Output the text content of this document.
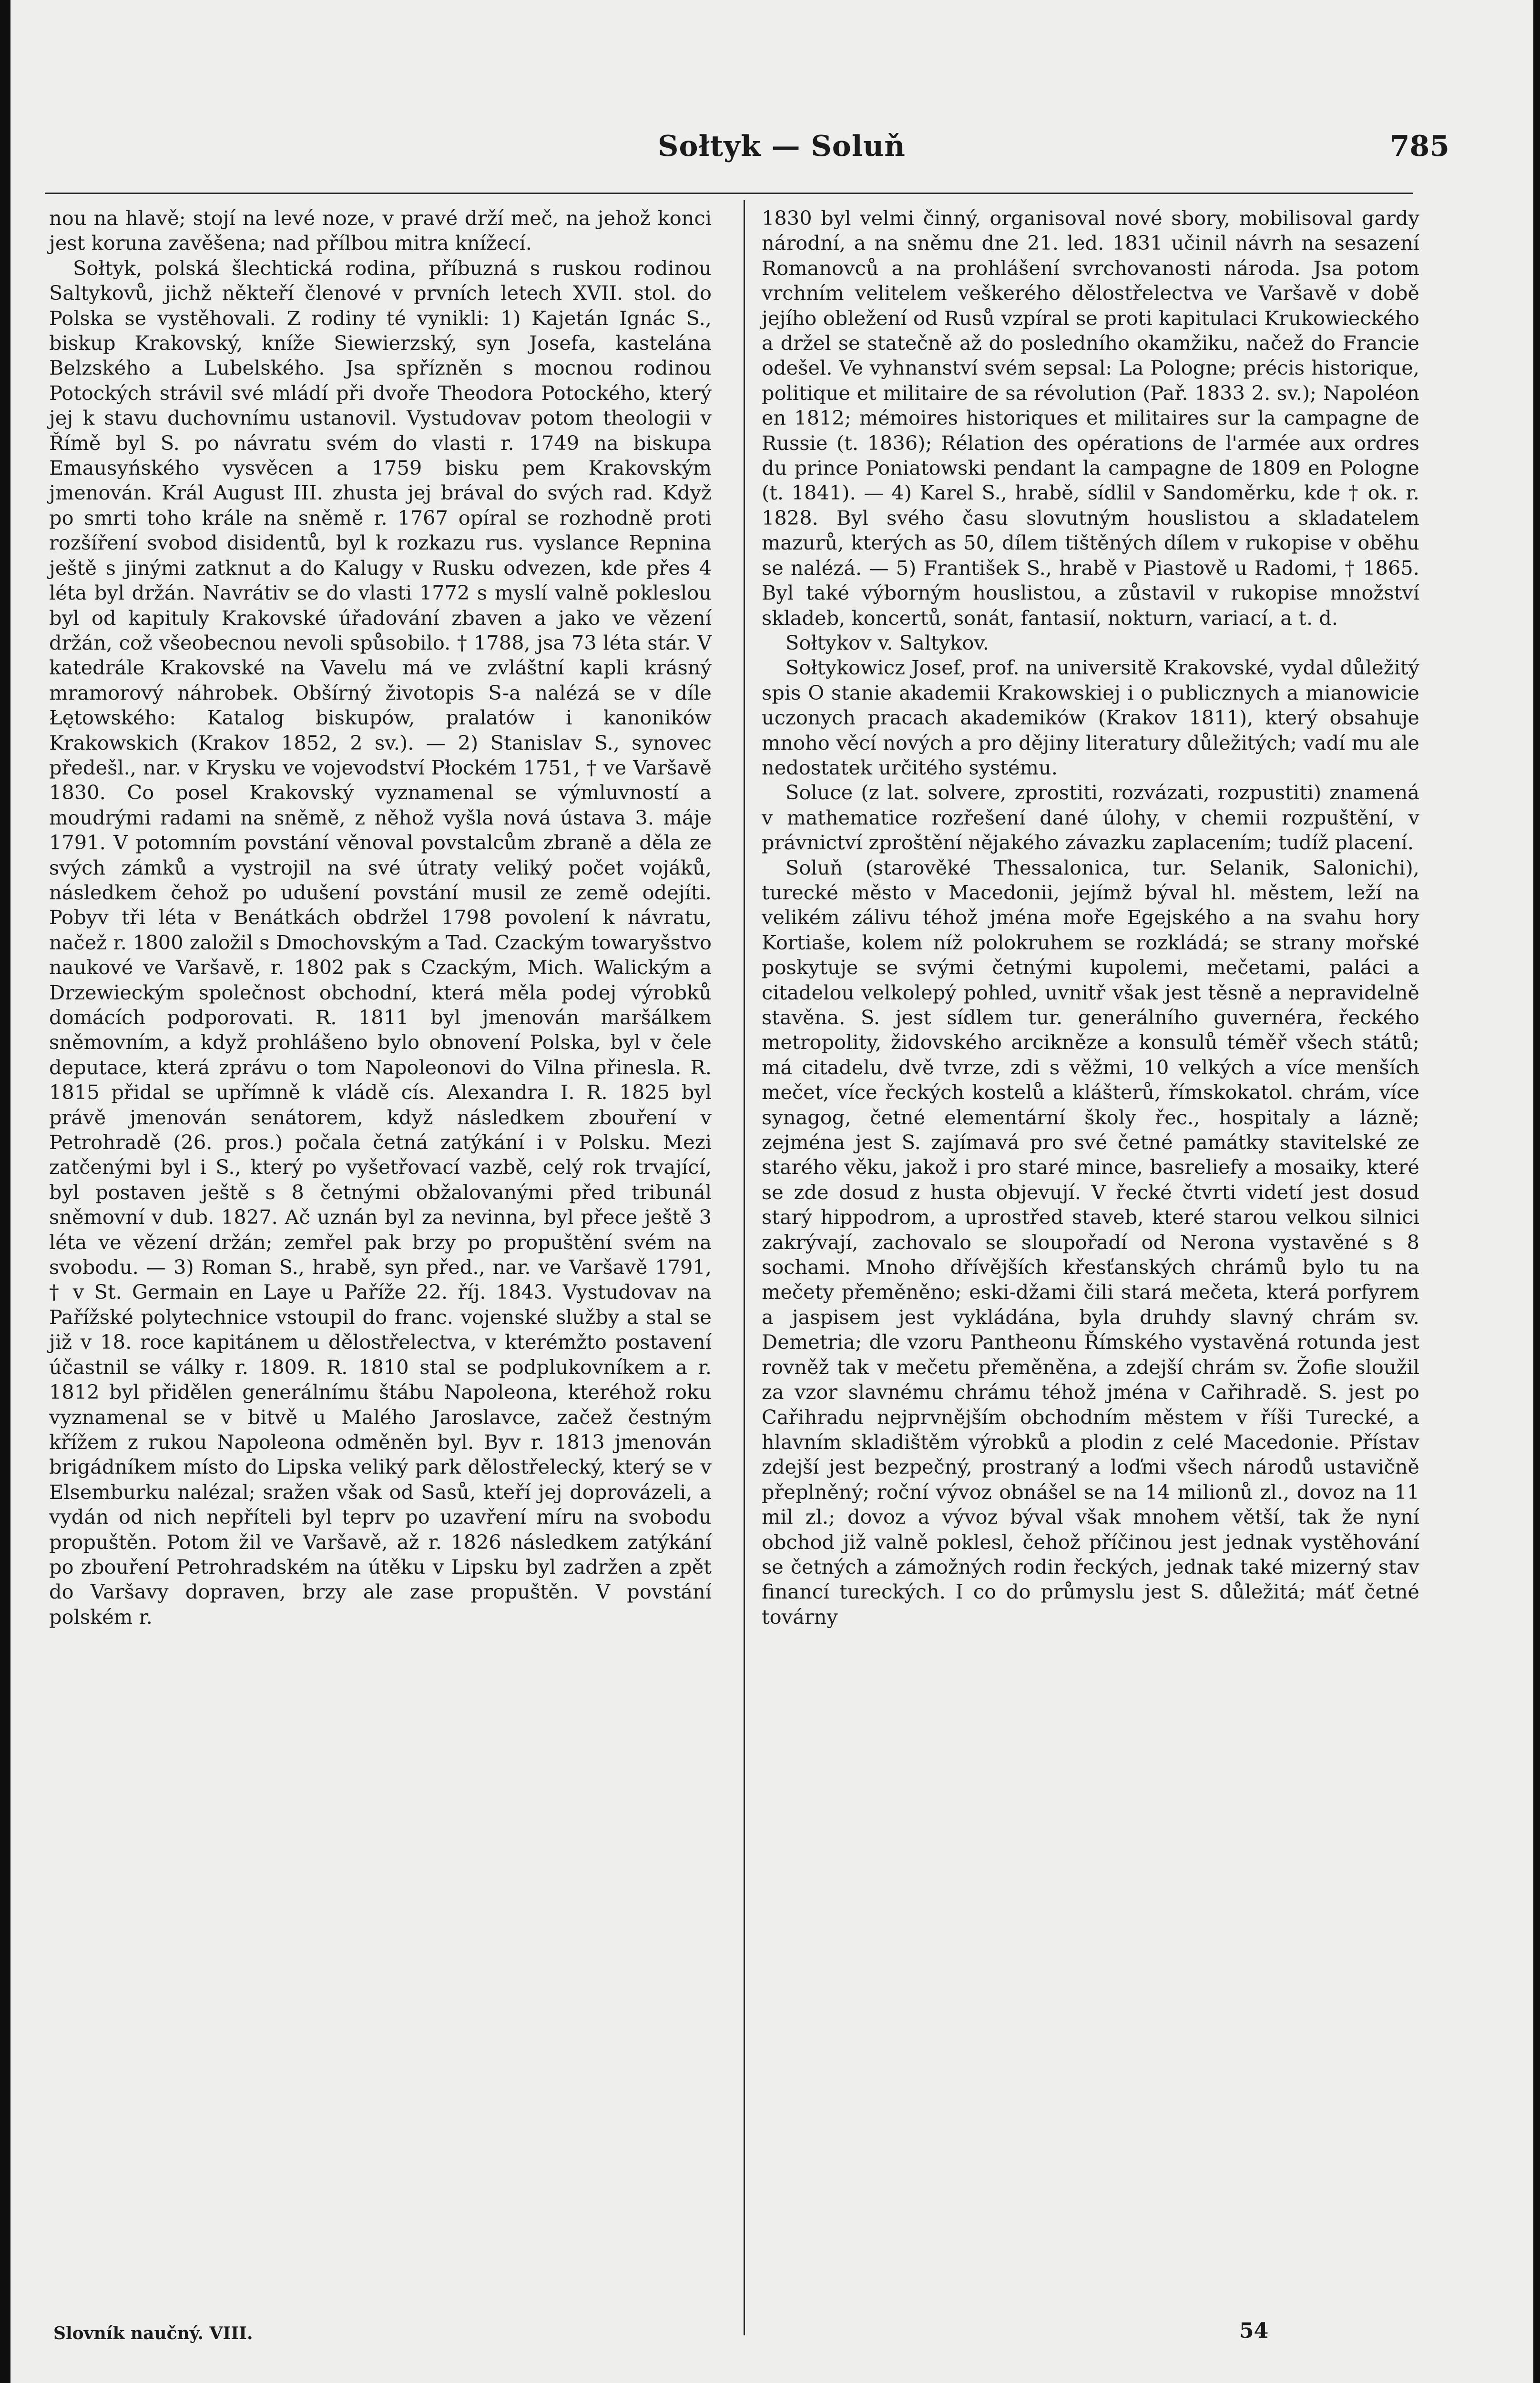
Sołtyk — Soluň	785

nou na hlavě; stojí na levé noze, v pravé drží meč, na jehož konci jest koruna zavěšena; nad přílbou mitra knížecí.

Sołtyk, polská šlechtická rodina, příbuzná s ruskou rodinou Saltykovů, jichž někteří členové v prvních letech XVII. stol. do Polska se vystěhovali. Z rodiny té vynikli: 1) Kajetán Ignác S., biskup Krakovský, kníže Siewierzský, syn Josefa, kastelána Belzského a Lubelského. Jsa spřízněn s mocnou rodinou Potockých strávil své mládí při dvoře Theodora Potockého, který jej k stavu duchovnímu ustanovil. Vystudovav potom theologii v Římě byl S. po návratu svém do vlasti r. 1749 na biskupa Emausyńského vysvěcen a 1759 bisku pem Krakovským jmenován. Král August III. zhusta jej brával do svých rad. Když po smrti toho krále na sněmě r. 1767 opíral se rozhodně proti rozšíření svobod disidentů, byl k rozkazu rus. vyslance Repnina ještě s jinými zatknut a do Kalugy v Rusku odvezen, kde přes 4 léta byl držán. Navrátiv se do vlasti 1772 s myslí valně pokleslou byl od kapituly Krakovské úřadování zbaven a jako ve vězení držán, což všeobecnou nevoli spůsobilo. † 1788, jsa 73 léta stár. V katedrále Krakovské na Vavelu má ve zvláštní kapli krásný mramorový náhrobek. Obšírný životopis S-a nalézá se v díle Łętowského: Katalog biskupów, pralatów i kanoników Krakowskich (Krakov 1852, 2 sv.). — 2) Stanislav S., synovec předešl., nar. v Krysku ve vojevodství Płockém 1751, † ve Varšavě 1830. Co posel Krakovský vyznamenal se výmluvností a moudrými radami na sněmě, z něhož vyšla nová ústava 3. máje 1791. V potomním povstání věnoval povstalcům zbraně a děla ze svých zámků a vystrojil na své útraty veliký počet vojáků, následkem čehož po udušení povstání musil ze země odejíti. Pobyv tři léta v Benátkách obdržel 1798 povolení k návratu, načež r. 1800 založil s Dmochovským a Tad. Czackým towaryšstvo naukové ve Varšavě, r. 1802 pak s Czackým, Mich. Walickým a Drzewieckým společnost obchodní, která měla podej výrobků domácích podporovati. R. 1811 byl jmenován maršálkem sněmovním, a když prohlášeno bylo obnovení Polska, byl v čele deputace, která zprávu o tom Napoleonovi do Vilna přinesla. R. 1815 přidal se upřímně k vládě cís. Alexandra I. R. 1825 byl právě jmenován senátorem, když následkem zbouření v Petrohradě (26. pros.) počala četná zatýkání i v Polsku. Mezi zatčenými byl i S., který po vyšetřovací vazbě, celý rok trvající, byl postaven ještě s 8 četnými obžalovanými před tribunál sněmovní v dub. 1827. Ač uznán byl za nevinna, byl přece ještě 3 léta ve vězení držán; zemřel pak brzy po propuštění svém na svobodu. — 3) Roman S., hrabě, syn před., nar. ve Varšavě 1791, † v St. Germain en Laye u Paříže 22. říj. 1843. Vystudovav na Pařížské polytechnice vstoupil do franc. vojenské služby a stal se již v 18. roce kapitánem u dělostřelectva, v kterémžto postavení účastnil se války r. 1809. R. 1810 stal se podplukovníkem a r. 1812 byl přidělen generálnímu štábu Napoleona, kteréhož roku vyznamenal se v bitvě u Malého Jaroslavce, začež čestným křížem z rukou Napoleona odměněn byl. Byv r. 1813 jmenován brigádníkem místo do Lipska veliký park dělostřelecký, který se v Elsemburku nalézal; sražen však od Sasů, kteří jej doprovázeli, a vydán od nich nepříteli byl teprv po uzavření míru na svobodu propuštěn. Potom žil ve Varšavě, až r. 1826 následkem zatýkání po zbouření Petrohradském na útěku v Lipsku byl zadržen a zpět do Varšavy dopraven, brzy ale zase propuštěn. V povstání polském r.

1830 byl velmi činný, organisoval nové sbory, mobilisoval gardy národní, a na sněmu dne 21. led. 1831 učinil návrh na sesazení Romanovců a na prohlášení svrchovanosti národa. Jsa potom vrchním velitelem veškerého dělostřelectva ve Varšavě v době jejího obležení od Rusů vzpíral se proti kapitulaci Krukowieckého a držel se statečně až do posledního okamžiku, načež do Francie odešel. Ve vyhnanství svém sepsal: La Pologne; précis historique, politique et militaire de sa révolution (Pař. 1833 2. sv.); Napoléon en 1812; mémoires historiques et militaires sur la campagne de Russie (t. 1836); Rélation des opérations de l'armée aux ordres du prince Poniatowski pendant la campagne de 1809 en Pologne (t. 1841). — 4) Karel S., hrabě, sídlil v Sandoměrku, kde † ok. r. 1828. Byl svého času slovutným houslistou a skladatelem mazurů, kterých as 50, dílem tištěných dílem v rukopise v oběhu se nalézá. — 5) František S., hrabě v Piastově u Radomi, † 1865. Byl také výborným houslistou, a zůstavil v rukopise množství skladeb, koncertů, sonát, fantasií, nokturn, variací, a t. d.

Sołtykov v. Saltykov.

Sołtykowicz Josef, prof. na universitě Krakovské, vydal důležitý spis O stanie akademii Krakowskiej i o publicznych a mianowicie uczonych pracach akademików (Krakov 1811), který obsahuje mnoho věcí nových a pro dějiny literatury důležitých; vadí mu ale nedostatek určitého systému.

Soluce (z lat. solvere, zprostiti, rozvázati, rozpustiti) znamená v mathematice rozřešení dané úlohy, v chemii rozpuštění, v právnictví zproštění nějakého závazku zaplacením; tudíž placení.

Soluň (starověké Thessalonica, tur. Selanik, Salonichi), turecké město v Macedonii, jejímž býval hl. městem, leží na velikém zálivu téhož jména moře Egejského a na svahu hory Kortiaše, kolem níž polokruhem se rozkládá; se strany mořské poskytuje se svými četnými kupolemi, mečetami, paláci a citadelou velkolepý pohled, uvnitř však jest těsně a nepravidelně stavěna. S. jest sídlem tur. generálního guvernéra, řeckého metropolity, židovského arcikněze a konsulů téměř všech států; má citadelu, dvě tvrze, zdi s věžmi, 10 velkých a více menších mečet, více řeckých kostelů a klášterů, římskokatol. chrám, více synagog, četné elementární školy řec., hospitaly a lázně; zejména jest S. zajímavá pro své četné památky stavitelské ze starého věku, jakož i pro staré mince, basreliefy a mosaiky, které se zde dosud z husta objevují. V řecké čtvrti videtí jest dosud starý hippodrom, a uprostřed staveb, které starou velkou silnici zakrývají, zachovalo se sloupořadí od Nerona vystavěné s 8 sochami. Mnoho dřívějších křesťanských chrámů bylo tu na mečety přeměněno; eski-džami čili stará mečeta, která porfyrem a jaspisem jest vykládána, byla druhdy slavný chrám sv. Demetria; dle vzoru Pantheonu Římského vystavěná rotunda jest rovněž tak v mečetu přeměněna, a zdejší chrám sv. Žofie sloužil za vzor slavnému chrámu téhož jména v Cařihradě. S. jest po Cařihradu nejprvnějším obchodním městem v říši Turecké, a hlavním skladištěm výrobků a plodin z celé Macedonie. Přístav zdejší jest bezpečný, prostraný a loďmi všech národů ustavičně přeplněný; roční vývoz obnášel se na 14 milionů zl., dovoz na 11 mil zl.; dovoz a vývoz býval však mnohem větší, tak že nyní obchod již valně poklesl, čehož příčinou jest jednak vystěhování se četných a zámožných rodin řeckých, jednak také mizerný stav financí tureckých. I co do průmyslu jest S. důležitá; máť četné továrny

Slovník naučný. VIII.	54
